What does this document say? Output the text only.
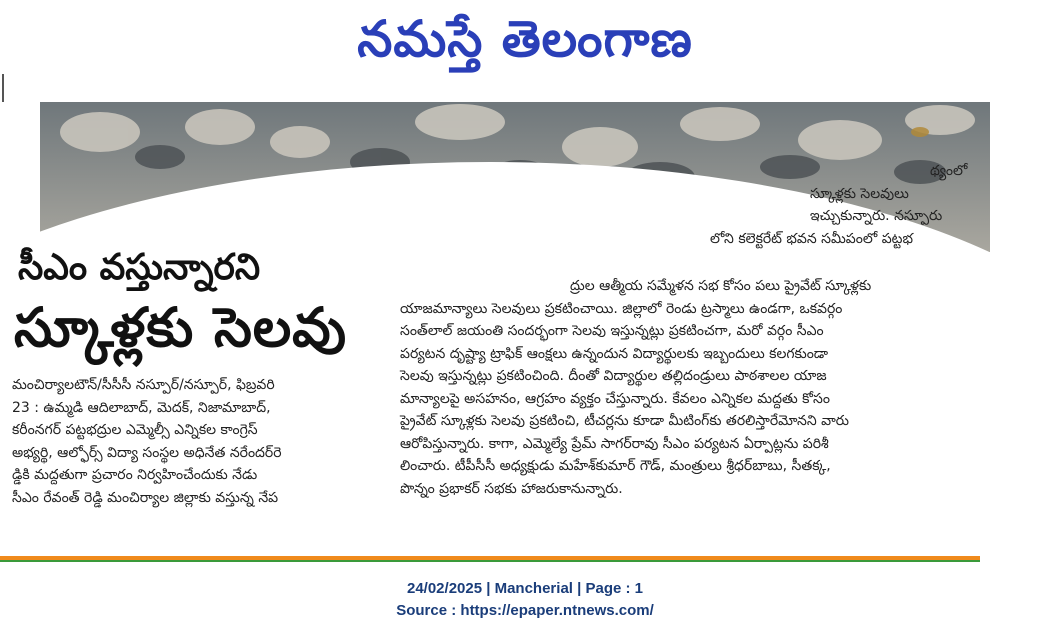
నమస్తే తెలంగాణ
సీఎం వస్తున్నారని
స్కూళ్లకు సెలవు

మంచిర్యాలటౌన్/సీసీసీ నస్పూర్/నస్పూర్, ఫిబ్రవరి

23 : ఉమ్మడి ఆదిలాబాద్, మెదక్, నిజామాబాద్,

కరీంనగర్ పట్టభద్రుల ఎమ్మెల్సీ ఎన్నికల కాంగ్రెస్

అభ్యర్థి, ఆల్ఫోర్స్ విద్యా సంస్థల అధినేత నరేందర్‌రె

డ్డికి మద్దతుగా ప్రచారం నిర్వహించేందుకు నేడు

సీఎం రేవంత్ రెడ్డి మంచిర్యాల జిల్లాకు వస్తున్న నేప

థ్యంలో

స్కూళ్లకు సెలవులు

ఇచ్చుకున్నారు. నస్పూరు

లోని కలెక్టరేట్ భవన సమీపంలో పట్టభ

ద్రుల ఆత్మీయ సమ్మేళన సభ కోసం పలు ప్రైవేట్ స్కూళ్లకు

యాజమాన్యాలు సెలవులు ప్రకటించాయి. జిల్లాలో రెండు ట్రస్మాలు ఉండగా, ఒకవర్గం

సంత్‌లాల్ జయంతి సందర్భంగా సెలవు ఇస్తున్నట్లు ప్రకటించగా, మరో వర్గం సీఎం

పర్యటన దృష్ట్యా ట్రాఫిక్ ఆంక్షలు ఉన్నందున విద్యార్థులకు ఇబ్బందులు కలగకుండా

సెలవు ఇస్తున్నట్లు ప్రకటించింది. దీంతో విద్యార్థుల తల్లిదండ్రులు పాఠశాలల యాజ

మాన్యాలపై అసహనం, ఆగ్రహం వ్యక్తం చేస్తున్నారు. కేవలం ఎన్నికల మద్దతు కోసం

ప్రైవేట్ స్కూళ్లకు సెలవు ప్రకటించి, టీచర్లను కూడా మీటింగ్‌కు తరలిస్తారేమోనని వారు

ఆరోపిస్తున్నారు. కాగా, ఎమ్మెల్యే ప్రేమ్ సాగర్‌రావు సీఎం పర్యటన ఏర్పాట్లను పరిశీ

లించారు. టీపీసీసీ అధ్యక్షుడు మహేశ్‌కుమార్ గౌడ్, మంత్రులు శ్రీధర్‌బాబు, సీతక్క,

పొన్నం ప్రభాకర్ సభకు హాజరుకానున్నారు.

24/02/2025 | Mancherial | Page : 1
Source : https://epaper.ntnews.com/
